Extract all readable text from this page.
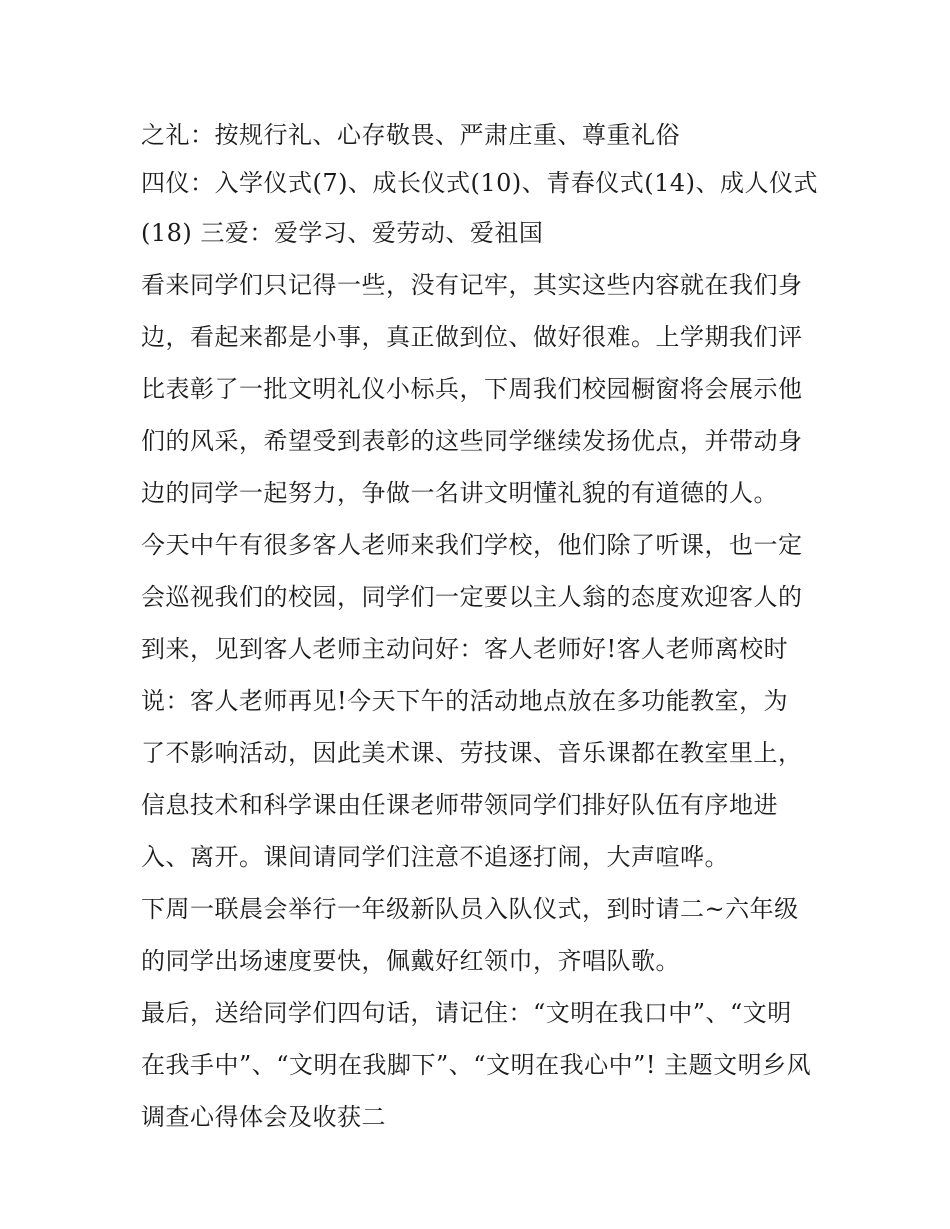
之礼：按规行礼、心存敬畏、严肃庄重、尊重礼俗
四仪：入学仪式(7)、成长仪式(10)、青春仪式(14)、成人仪式
(18) 三爱：爱学习、爱劳动、爱祖国
看来同学们只记得一些，没有记牢，其实这些内容就在我们身
边，看起来都是小事，真正做到位、做好很难。上学期我们评
比表彰了一批文明礼仪小标兵，下周我们校园橱窗将会展示他
们的风采，希望受到表彰的这些同学继续发扬优点，并带动身
边的同学一起努力，争做一名讲文明懂礼貌的有道德的人。
今天中午有很多客人老师来我们学校，他们除了听课，也一定
会巡视我们的校园，同学们一定要以主人翁的态度欢迎客人的
到来，见到客人老师主动问好：客人老师好!客人老师离校时
说：客人老师再见!今天下午的活动地点放在多功能教室，为
了不影响活动，因此美术课、劳技课、音乐课都在教室里上，
信息技术和科学课由任课老师带领同学们排好队伍有序地进
入、离开。课间请同学们注意不追逐打闹，大声喧哗。
下周一联晨会举行一年级新队员入队仪式，到时请二~六年级
的同学出场速度要快，佩戴好红领巾，齐唱队歌。
最后，送给同学们四句话，请记住：“文明在我口中”、“文明
在我手中”、“文明在我脚下”、“文明在我心中”! 主题文明乡风
调查心得体会及收获二
